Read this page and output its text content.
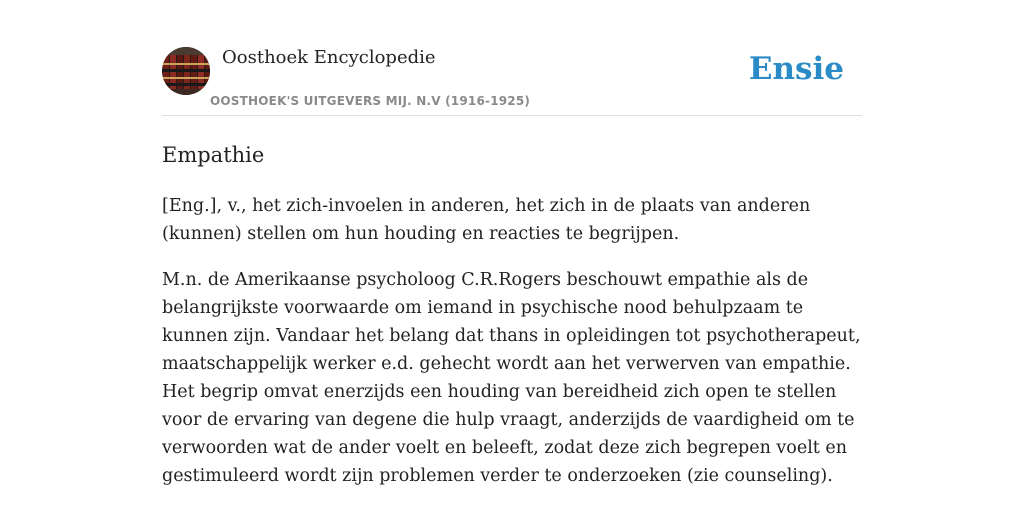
Oosthoek Encyclopedie
OOSTHOEK'S UITGEVERS MIJ. N.V (1916-1925)
Ensie
Empathie

[Eng.], v., het zich-invoelen in anderen, het zich in de plaats van anderen (kunnen) stellen om hun houding en reacties te begrijpen.

M.n. de Amerikaanse psycholoog C.R.Rogers beschouwt empathie als de belangrijkste voorwaarde om iemand in psychische nood behulpzaam te kunnen zijn. Vandaar het belang dat thans in opleidingen tot psychotherapeut, maatschappelijk werker e.d. gehecht wordt aan het verwerven van empathie. Het begrip omvat enerzijds een houding van bereidheid zich open te stellen voor de ervaring van degene die hulp vraagt, anderzijds de vaardigheid om te verwoorden wat de ander voelt en beleeft, zodat deze zich begrepen voelt en gestimuleerd wordt zijn problemen verder te onderzoeken (zie counseling).
